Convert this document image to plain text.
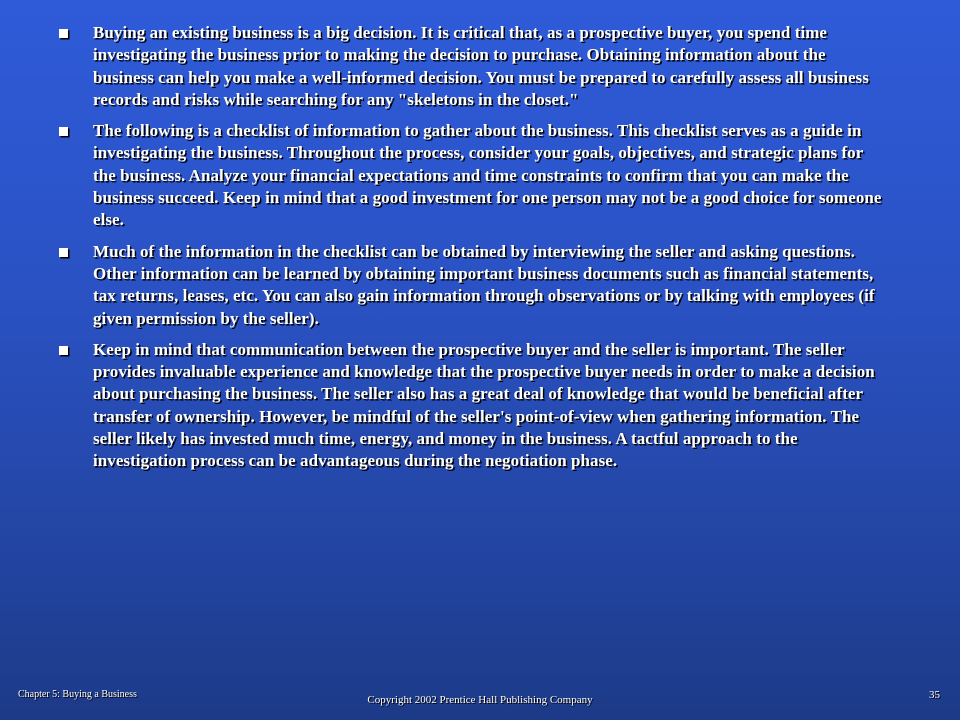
Buying an existing business is a big decision. It is critical that, as a prospective buyer, you spend time investigating the business prior to making the decision to purchase. Obtaining information about the business can help you make a well-informed decision. You must be prepared to carefully assess all business records and risks while searching for any "skeletons in the closet."
The following is a checklist of information to gather about the business. This checklist serves as a guide in investigating the business. Throughout the process, consider your goals, objectives, and strategic plans for the business. Analyze your financial expectations and time constraints to confirm that you can make the business succeed. Keep in mind that a good investment for one person may not be a good choice for someone else.
Much of the information in the checklist can be obtained by interviewing the seller and asking questions. Other information can be learned by obtaining important business documents such as financial statements, tax returns, leases, etc. You can also gain information through observations or by talking with employees (if given permission by the seller).
Keep in mind that communication between the prospective buyer and the seller is important. The seller provides invaluable experience and knowledge that the prospective buyer needs in order to make a decision about purchasing the business. The seller also has a great deal of knowledge that would be beneficial after transfer of ownership. However, be mindful of the seller's point-of-view when gathering information. The seller likely has invested much time, energy, and money in the business. A tactful approach to the investigation process can be advantageous during the negotiation phase.
Chapter 5: Buying a Business	Copyright 2002 Prentice Hall Publishing Company	35
